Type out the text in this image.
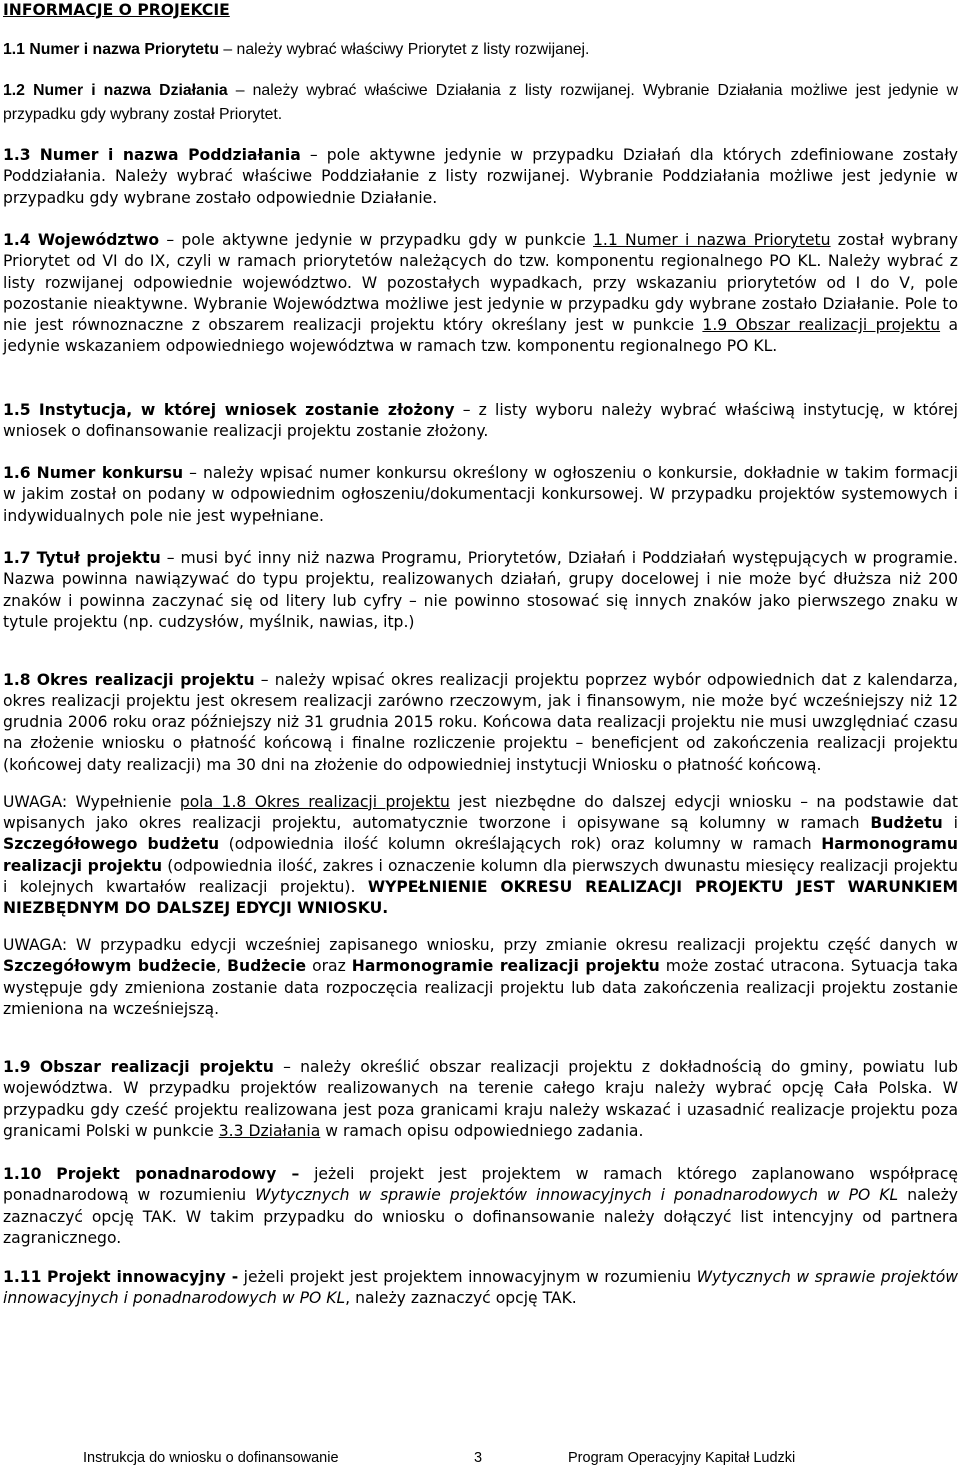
INFORMACJE O PROJEKCIE
1.1 Numer i nazwa Priorytetu – należy wybrać właściwy Priorytet z listy rozwijanej.
1.2 Numer i nazwa Działania – należy wybrać właściwe Działania z listy rozwijanej. Wybranie Działania możliwe jest jedynie w przypadku gdy wybrany został Priorytet.
1.3 Numer i nazwa Poddziałania – pole aktywne jedynie w przypadku Działań dla których zdefiniowane zostały Poddziałania. Należy wybrać właściwe Poddziałanie z listy rozwijanej. Wybranie Poddziałania możliwe jest jedynie w przypadku gdy wybrane zostało odpowiednie Działanie.
1.4 Województwo – pole aktywne jedynie w przypadku gdy w punkcie 1.1 Numer i nazwa Priorytetu został wybrany Priorytet od VI do IX, czyli w ramach priorytetów należących do tzw. komponentu regionalnego PO KL. Należy wybrać z listy rozwijanej odpowiednie województwo. W pozostałych wypadkach, przy wskazaniu priorytetów od I do V, pole pozostanie nieaktywne. Wybranie Województwa możliwe jest jedynie w przypadku gdy wybrane zostało Działanie. Pole to nie jest równoznaczne z obszarem realizacji projektu który określany jest w punkcie 1.9 Obszar realizacji projektu a jedynie wskazaniem odpowiedniego województwa w ramach tzw. komponentu regionalnego PO KL.
1.5 Instytucja, w której wniosek zostanie złożony – z listy wyboru należy wybrać właściwą instytucję, w której wniosek o dofinansowanie realizacji projektu zostanie złożony.
1.6 Numer konkursu – należy wpisać numer konkursu określony w ogłoszeniu o konkursie, dokładnie w takim formacji w jakim został on podany w odpowiednim ogłoszeniu/dokumentacji konkursowej. W przypadku projektów systemowych i indywidualnych pole nie jest wypełniane.
1.7 Tytuł projektu – musi być inny niż nazwa Programu, Priorytetów, Działań i Poddziałań występujących w programie. Nazwa powinna nawiązywać do typu projektu, realizowanych działań, grupy docelowej i nie może być dłuższa niż 200 znaków i powinna zaczynać się od litery lub cyfry – nie powinno stosować się innych znaków jako pierwszego znaku w tytule projektu (np. cudzysłów, myślnik, nawias, itp.)

1.8 Okres realizacji projektu – należy wpisać okres realizacji projektu poprzez wybór odpowiednich dat z kalendarza, okres realizacji projektu jest okresem realizacji zarówno rzeczowym, jak i finansowym, nie może być wcześniejszy niż 12 grudnia 2006 roku oraz późniejszy niż 31 grudnia 2015 roku. Końcowa data realizacji projektu nie musi uwzględniać czasu na złożenie wniosku o płatność końcową i finalne rozliczenie projektu – beneficjent od zakończenia realizacji projektu (końcowej daty realizacji) ma 30 dni na złożenie do odpowiedniej instytucji Wniosku o płatność końcową.

UWAGA: Wypełnienie pola 1.8 Okres realizacji projektu jest niezbędne do dalszej edycji wniosku – na podstawie dat wpisanych jako okres realizacji projektu, automatycznie tworzone i opisywane są kolumny w ramach Budżetu i Szczegółowego budżetu (odpowiednia ilość kolumn określających rok) oraz kolumny w ramach Harmonogramu realizacji projektu (odpowiednia ilość, zakres i oznaczenie kolumn dla pierwszych dwunastu miesięcy realizacji projektu i kolejnych kwartałów realizacji projektu). WYPEŁNIENIE OKRESU REALIZACJI PROJEKTU JEST WARUNKIEM NIEZBĘDNYM DO DALSZEJ EDYCJI WNIOSKU.

UWAGA: W przypadku edycji wcześniej zapisanego wniosku, przy zmianie okresu realizacji projektu część danych w Szczegółowym budżecie, Budżecie oraz Harmonogramie realizacji projektu może zostać utracona. Sytuacja taka występuje gdy zmieniona zostanie data rozpoczęcia realizacji projektu lub data zakończenia realizacji projektu zostanie zmieniona na wcześniejszą.

1.9 Obszar realizacji projektu – należy określić obszar realizacji projektu z dokładnością do gminy, powiatu lub województwa. W przypadku projektów realizowanych na terenie całego kraju należy wybrać opcję Cała Polska. W przypadku gdy cześć projektu realizowana jest poza granicami kraju należy wskazać i uzasadnić realizacje projektu poza granicami Polski w punkcie 3.3 Działania w ramach opisu odpowiedniego zadania.
1.10 Projekt ponadnarodowy – jeżeli projekt jest projektem w ramach którego zaplanowano współpracę ponadnarodową w rozumieniu Wytycznych w sprawie projektów innowacyjnych i ponadnarodowych w PO KL należy zaznaczyć opcję TAK. W takim przypadku do wniosku o dofinansowanie należy dołączyć list intencyjny od partnera zagranicznego.
1.11 Projekt innowacyjny - jeżeli projekt jest projektem innowacyjnym w rozumieniu Wytycznych w sprawie projektów innowacyjnych i ponadnarodowych w PO KL, należy zaznaczyć opcję TAK.
Instrukcja do wniosku o dofinansowanie	3	Program Operacyjny Kapitał Ludzki
